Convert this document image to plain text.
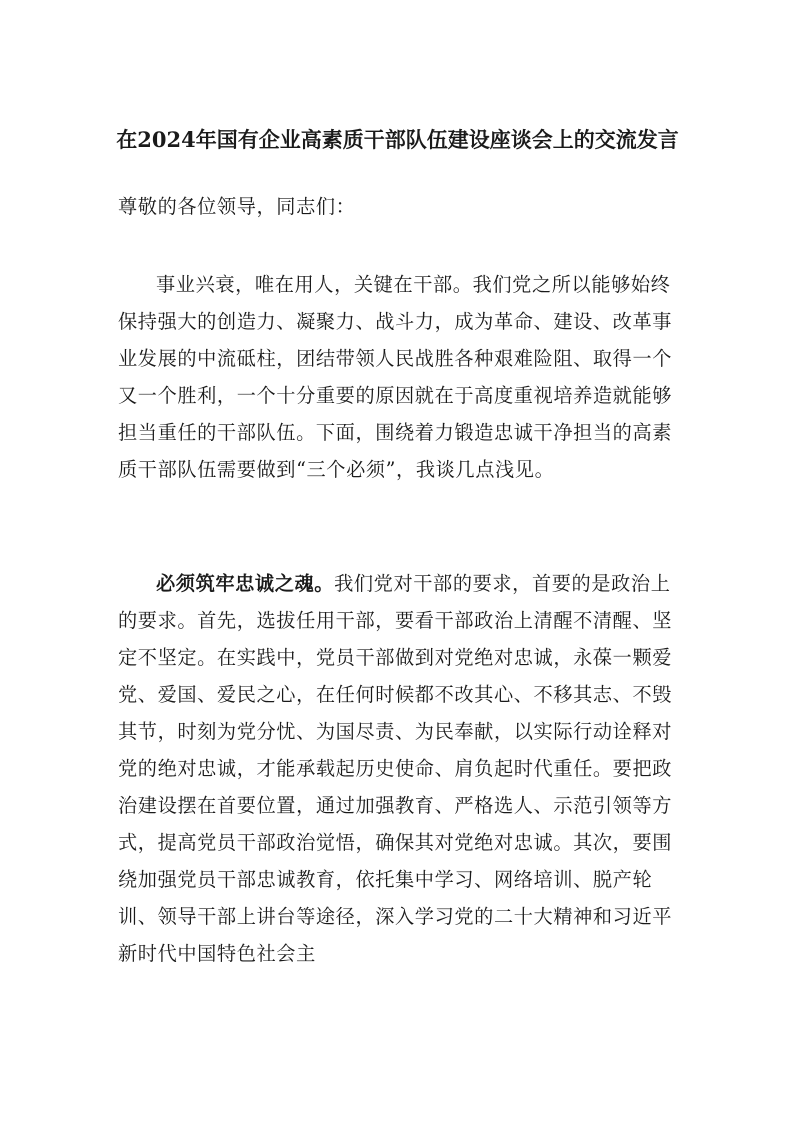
在2024年国有企业高素质干部队伍建设座谈会上的交流发言

尊敬的各位领导，同志们：

事业兴衰，唯在用人，关键在干部。我们党之所以能够始终保持强大的创造力、凝聚力、战斗力，成为革命、建设、改革事业发展的中流砥柱，团结带领人民战胜各种艰难险阻、取得一个又一个胜利，一个十分重要的原因就在于高度重视培养造就能够担当重任的干部队伍。下面，围绕着力锻造忠诚干净担当的高素质干部队伍需要做到“三个必须”，我谈几点浅见。

必须筑牢忠诚之魂。我们党对干部的要求，首要的是政治上的要求。首先，选拔任用干部，要看干部政治上清醒不清醒、坚定不坚定。在实践中，党员干部做到对党绝对忠诚，永葆一颗爱党、爱国、爱民之心，在任何时候都不改其心、不移其志、不毁其节，时刻为党分忧、为国尽责、为民奉献，以实际行动诠释对党的绝对忠诚，才能承载起历史使命、肩负起时代重任。要把政治建设摆在首要位置，通过加强教育、严格选人、示范引领等方式，提高党员干部政治觉悟，确保其对党绝对忠诚。其次，要围绕加强党员干部忠诚教育，依托集中学习、网络培训、脱产轮训、领导干部上讲台等途径，深入学习党的二十大精神和习近平新时代中国特色社会主
